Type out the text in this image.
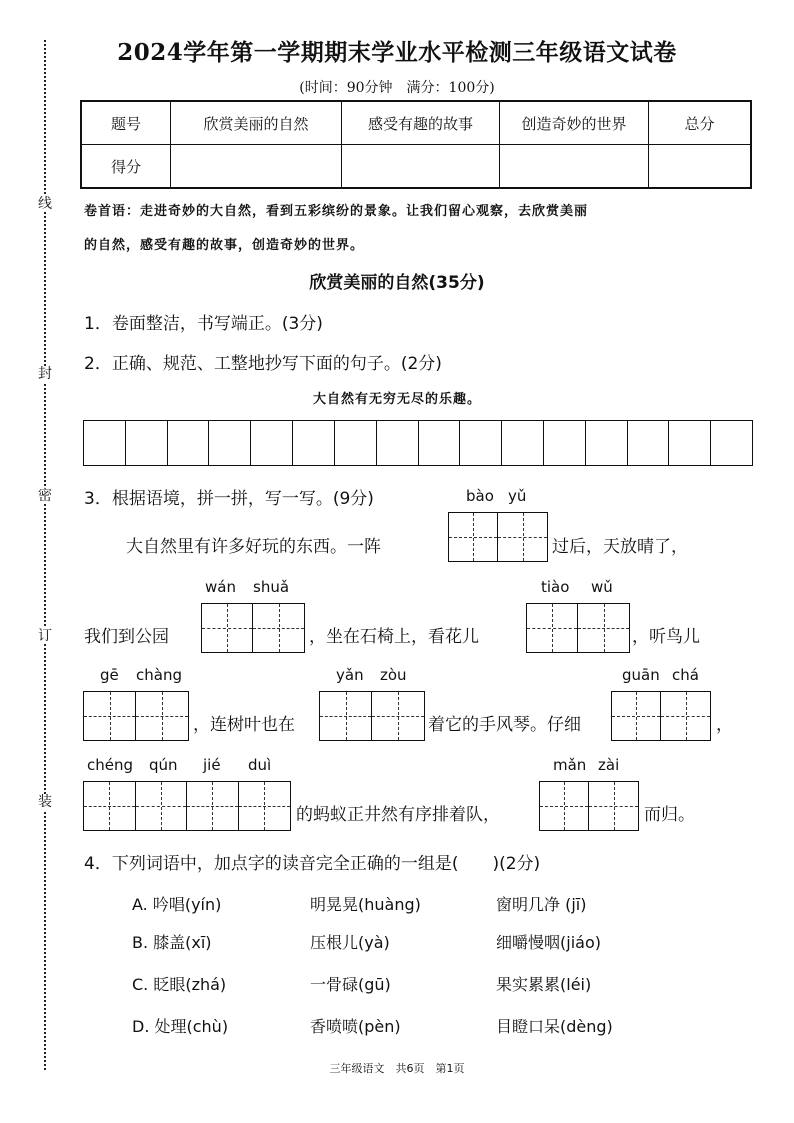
线
封
密
订
装
2024学年第一学期期末学业水平检测三年级语文试卷
(时间：90分钟　满分：100分)
题号	欣赏美丽的自然	感受有趣的故事	创造奇妙的世界	总分
得分				
卷首语：走进奇妙的大自然，看到五彩缤纷的景象。让我们留心观察，去欣赏美丽
的自然，感受有趣的故事，创造奇妙的世界。
欣赏美丽的自然(35分)
1．卷面整洁，书写端正。(3分)
2．正确、规范、工整地抄写下面的句子。(2分)
大自然有无穷无尽的乐趣。
3．根据语境，拼一拼，写一写。(9分)	bào yǔ
大自然里有许多好玩的东西。一阵	过后，天放晴了，
wán shuǎ	tiào wǔ
我们到公园	，坐在石椅上，看花儿	，听鸟儿
gē chàng	yǎn zòu	guān chá
，连树叶也在	着它的手风琴。仔细	，
chéng qún jié duì	mǎn zài
的蚂蚁正井然有序排着队，	而归。
4．下列词语中，加点字的读音完全正确的一组是(　　)(2分)
A. 吟唱(yín)	明晃晃(huàng)	窗明几净 (jī)
B. 膝盖(xī)	压根儿(yà)	细嚼慢咽(jiáo)
C. 眨眼(zhá)	一骨碌(gū)	果实累累(léi)
D. 处理(chù)	香喷喷(pèn)	目瞪口呆(dèng)
三年级语文　共6页　第1页
